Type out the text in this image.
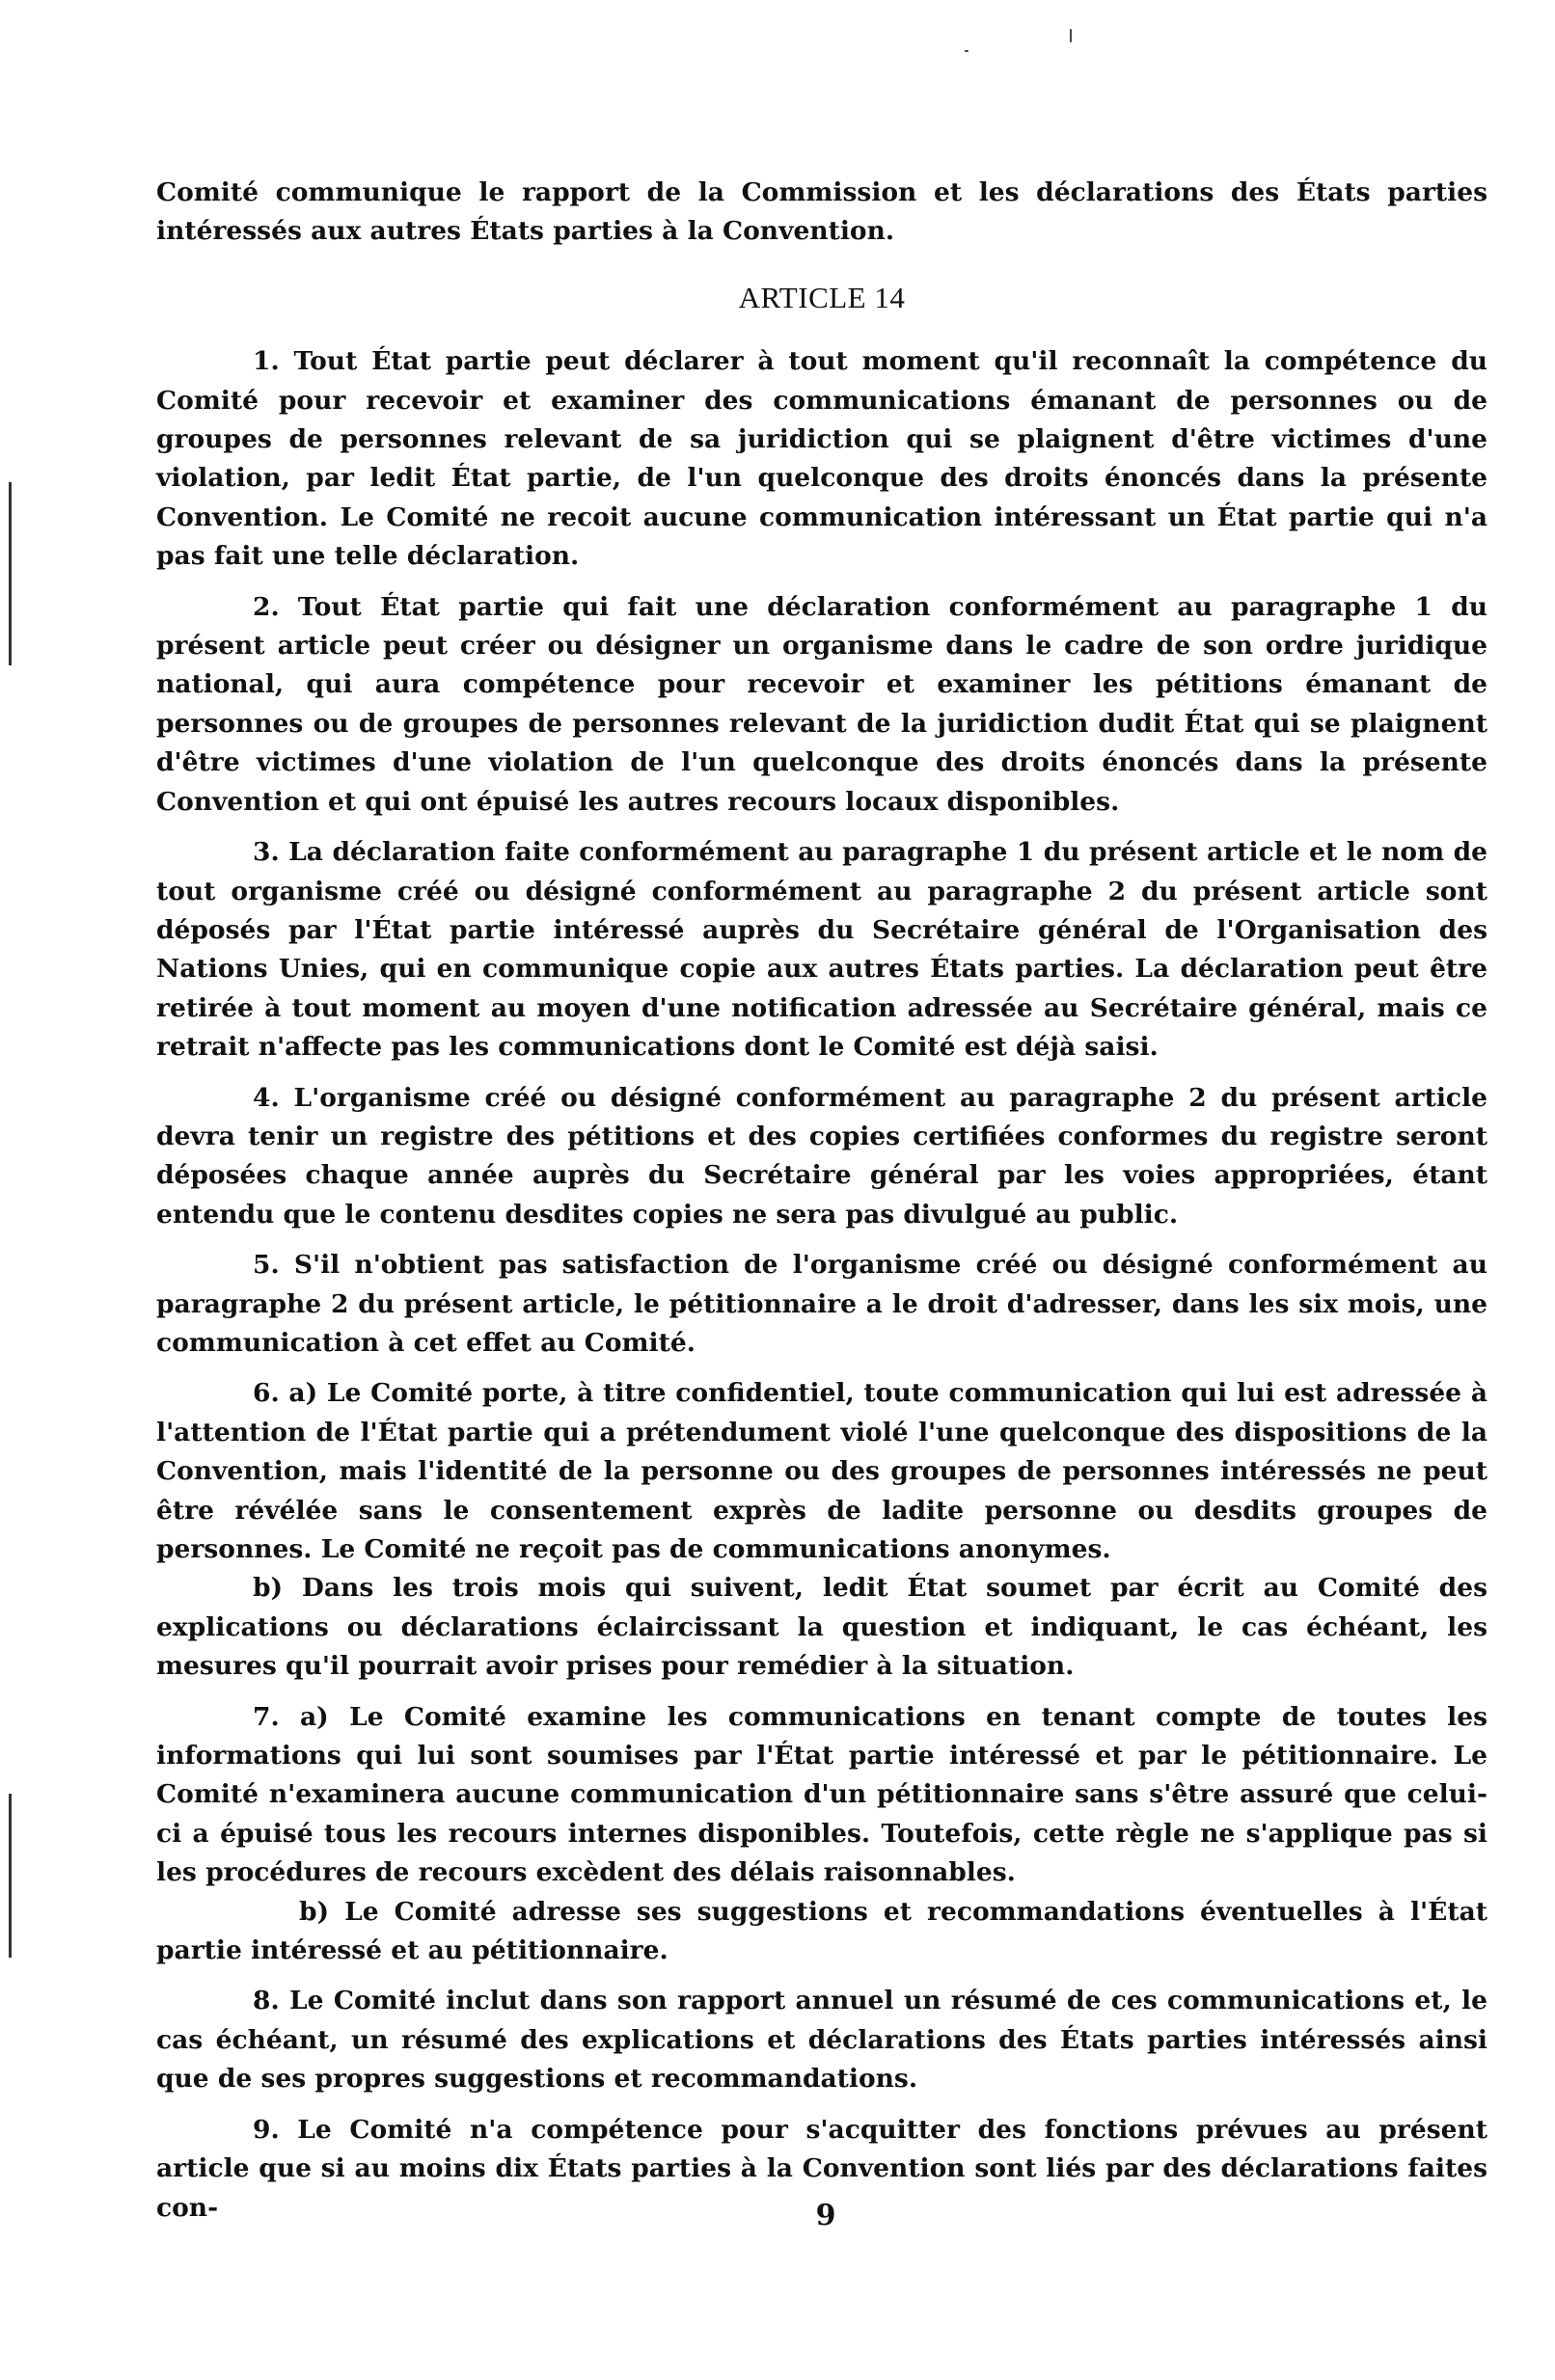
Comité communique le rapport de la Commission et les déclarations des États parties intéressés aux autres États parties à la Convention.

ARTICLE 14

1. Tout État partie peut déclarer à tout moment qu'il reconnaît la compétence du Comité pour recevoir et examiner des communications émanant de personnes ou de groupes de personnes relevant de sa juridiction qui se plaignent d'être victimes d'une violation, par ledit État partie, de l'un quelconque des droits énoncés dans la présente Convention. Le Comité ne recoit aucune communication intéressant un État partie qui n'a pas fait une telle déclaration.

2. Tout État partie qui fait une déclaration conformément au paragraphe 1 du présent article peut créer ou désigner un organisme dans le cadre de son ordre juridique national, qui aura compétence pour recevoir et examiner les pétitions émanant de personnes ou de groupes de personnes relevant de la juridiction dudit État qui se plaignent d'être victimes d'une violation de l'un quelconque des droits énoncés dans la présente Convention et qui ont épuisé les autres recours locaux disponibles.

3. La déclaration faite conformément au paragraphe 1 du présent article et le nom de tout organisme créé ou désigné conformément au paragraphe 2 du présent article sont déposés par l'État partie intéressé auprès du Secrétaire général de l'Organisation des Nations Unies, qui en communique copie aux autres États parties. La déclaration peut être retirée à tout moment au moyen d'une notification adressée au Secrétaire général, mais ce retrait n'affecte pas les communications dont le Comité est déjà saisi.

4. L'organisme créé ou désigné conformément au paragraphe 2 du présent article devra tenir un registre des pétitions et des copies certifiées conformes du registre seront déposées chaque année auprès du Secrétaire général par les voies appropriées, étant entendu que le contenu desdites copies ne sera pas divulgué au public.

5. S'il n'obtient pas satisfaction de l'organisme créé ou désigné conformément au paragraphe 2 du présent article, le pétitionnaire a le droit d'adresser, dans les six mois, une communication à cet effet au Comité.

6. a) Le Comité porte, à titre confidentiel, toute communication qui lui est adressée à l'attention de l'État partie qui a prétendument violé l'une quelconque des dispositions de la Convention, mais l'identité de la personne ou des groupes de personnes intéressés ne peut être révélée sans le consentement exprès de ladite personne ou desdits groupes de personnes. Le Comité ne reçoit pas de communications anonymes.

b) Dans les trois mois qui suivent, ledit État soumet par écrit au Comité des explications ou déclarations éclaircissant la question et indiquant, le cas échéant, les mesures qu'il pourrait avoir prises pour remédier à la situation.

7. a) Le Comité examine les communications en tenant compte de toutes les informations qui lui sont soumises par l'État partie intéressé et par le pétitionnaire. Le Comité n'examinera aucune communication d'un pétitionnaire sans s'être assuré que celui-ci a épuisé tous les recours internes disponibles. Toutefois, cette règle ne s'applique pas si les procédures de recours excèdent des délais raisonnables.

b) Le Comité adresse ses suggestions et recommandations éventuelles à l'État partie intéressé et au pétitionnaire.

8. Le Comité inclut dans son rapport annuel un résumé de ces communications et, le cas échéant, un résumé des explications et déclarations des États parties intéressés ainsi que de ses propres suggestions et recommandations.

9. Le Comité n'a compétence pour s'acquitter des fonctions prévues au présent article que si au moins dix États parties à la Convention sont liés par des déclarations faites con-	9
